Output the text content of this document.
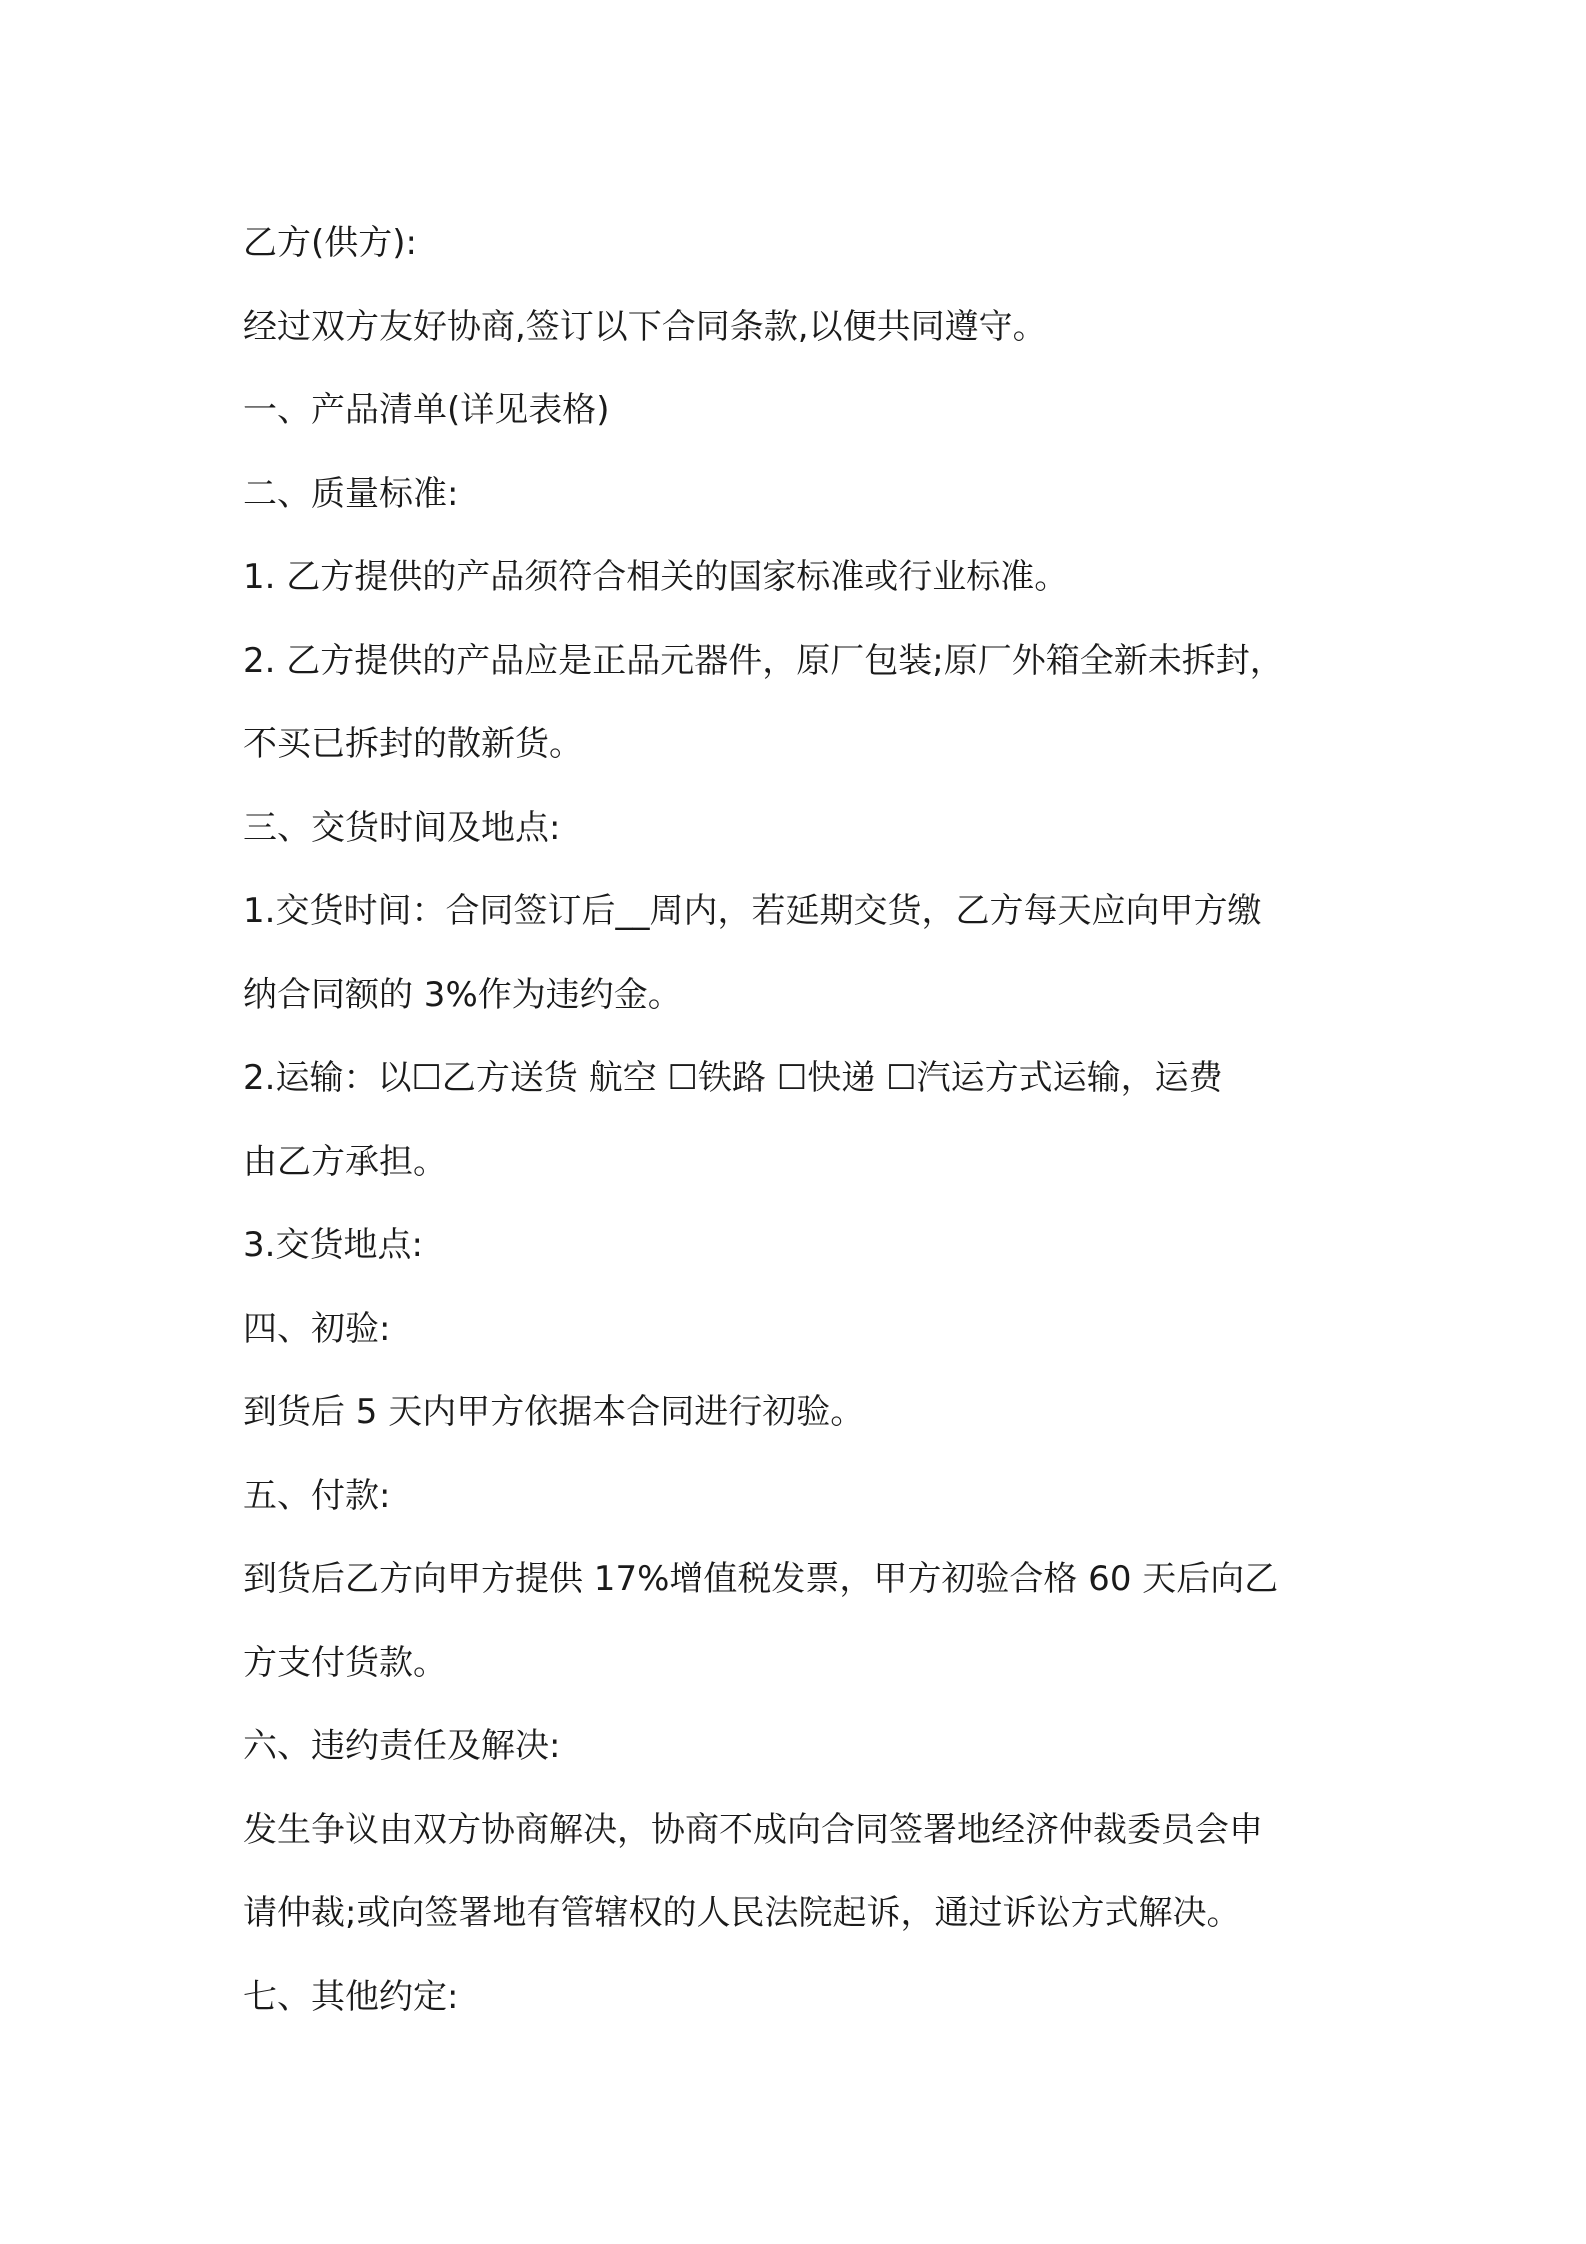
乙方(供方):
经过双方友好协商,签订以下合同条款,以便共同遵守。
一、产品清单(详见表格)
二、质量标准:
1. 乙方提供的产品须符合相关的国家标准或行业标准。
2. 乙方提供的产品应是正品元器件，原厂包装;原厂外箱全新未拆封，
不买已拆封的散新货。
三、交货时间及地点:
1.交货时间：合同签订后__周内，若延期交货，乙方每天应向甲方缴
纳合同额的 3%作为违约金。
2.运输：以☐乙方送货 航空 ☐铁路 ☐快递 ☐汽运方式运输，运费
由乙方承担。
3.交货地点:
四、初验:
到货后 5 天内甲方依据本合同进行初验。
五、付款:
到货后乙方向甲方提供 17%增值税发票，甲方初验合格 60 天后向乙
方支付货款。
六、违约责任及解决:
发生争议由双方协商解决，协商不成向合同签署地经济仲裁委员会申
请仲裁;或向签署地有管辖权的人民法院起诉，通过诉讼方式解决。
七、其他约定:
